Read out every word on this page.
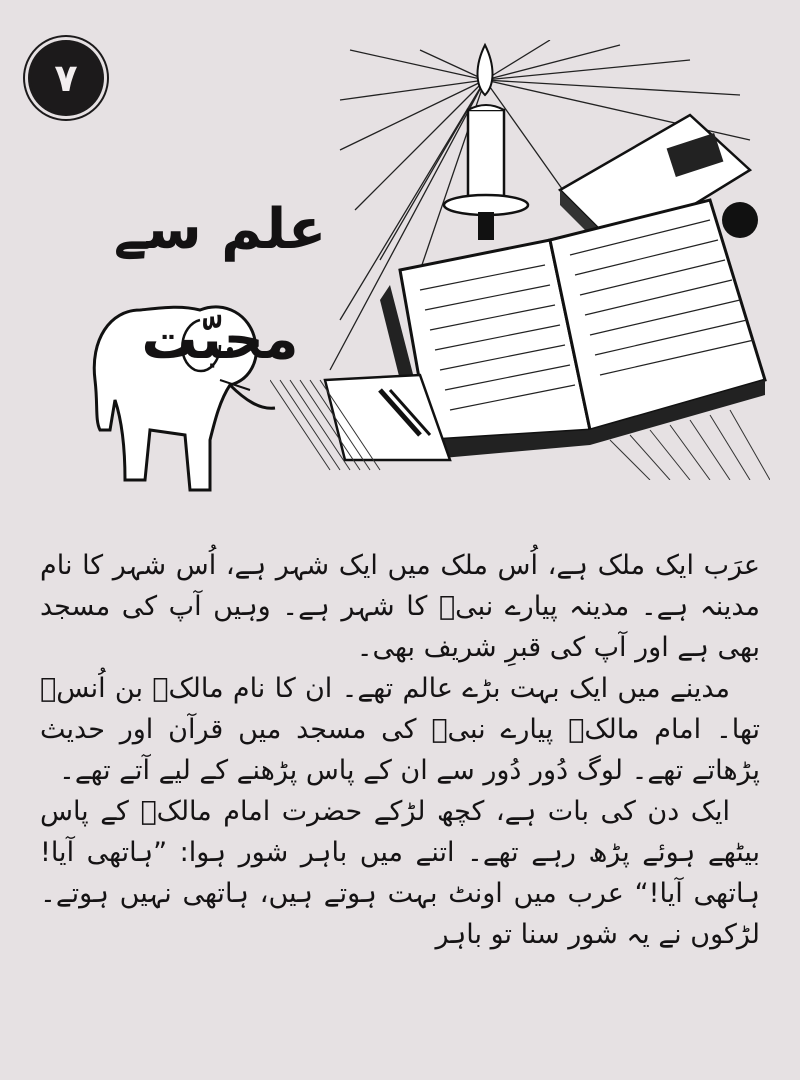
۷
علم سے محبّت

عرَب ایک ملک ہے، اُس ملک میں ایک شہر ہے، اُس شہر کا نام مدینہ ہے۔ مدینہ پیارے نبیؐ کا شہر ہے۔ وہیں آپ کی مسجد بھی ہے اور آپ کی قبرِ شریف بھی۔

مدینے میں ایک بہت بڑے عالم تھے۔ ان کا نام مالکؒ بن اُنسؒ تھا۔ امام مالکؒ پیارے نبیؐ کی مسجد میں قرآن اور حدیث پڑھاتے تھے۔ لوگ دُور دُور سے ان کے پاس پڑھنے کے لیے آتے تھے۔

ایک دن کی بات ہے، کچھ لڑکے حضرت امام مالکؒ کے پاس بیٹھے ہوئے پڑھ رہے تھے۔ اتنے میں باہر شور ہوا: ”ہاتھی آیا! ہاتھی آیا!“ عرب میں اونٹ بہت ہوتے ہیں، ہاتھی نہیں ہوتے۔ لڑکوں نے یہ شور سنا تو باہر
